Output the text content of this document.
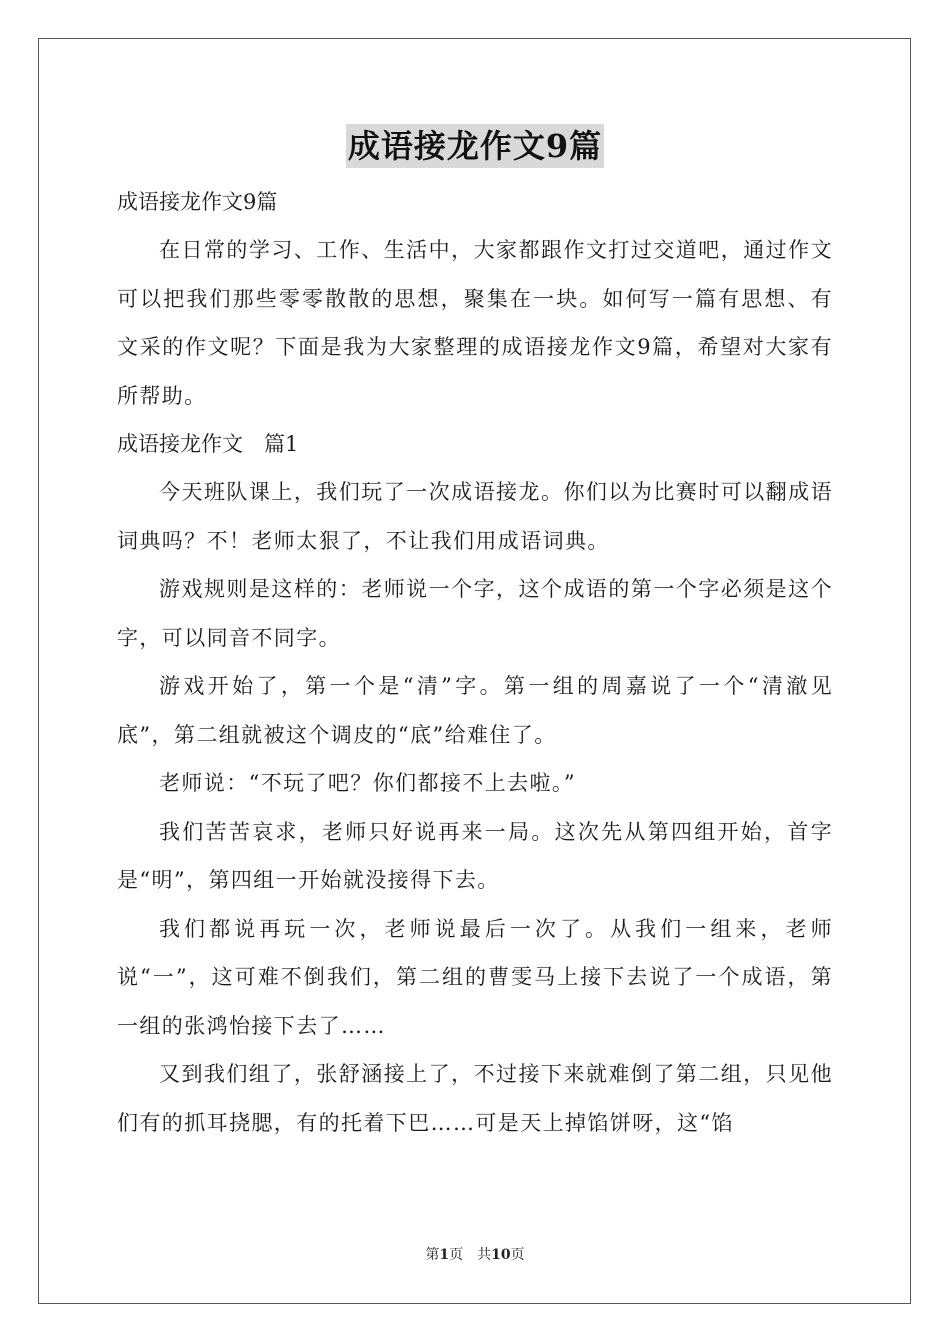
成语接龙作文9篇

成语接龙作文9篇

在日常的学习、工作、生活中，大家都跟作文打过交道吧，通过作文可以把我们那些零零散散的思想，聚集在一块。如何写一篇有思想、有文采的作文呢？下面是我为大家整理的成语接龙作文9篇，希望对大家有所帮助。

成语接龙作文　篇1

今天班队课上，我们玩了一次成语接龙。你们以为比赛时可以翻成语词典吗？不！老师太狠了，不让我们用成语词典。

游戏规则是这样的：老师说一个字，这个成语的第一个字必须是这个字，可以同音不同字。

游戏开始了，第一个是“清”字。第一组的周嘉说了一个“清澈见底”，第二组就被这个调皮的“底”给难住了。

老师说：“不玩了吧？你们都接不上去啦。”

我们苦苦哀求，老师只好说再来一局。这次先从第四组开始，首字是“明”，第四组一开始就没接得下去。

我们都说再玩一次，老师说最后一次了。从我们一组来，老师说“一”，这可难不倒我们，第二组的曹雯马上接下去说了一个成语，第一组的张鸿怡接下去了……

又到我们组了，张舒涵接上了，不过接下来就难倒了第二组，只见他们有的抓耳挠腮，有的托着下巴……可是天上掉馅饼呀，这“馅

第1页　共10页
